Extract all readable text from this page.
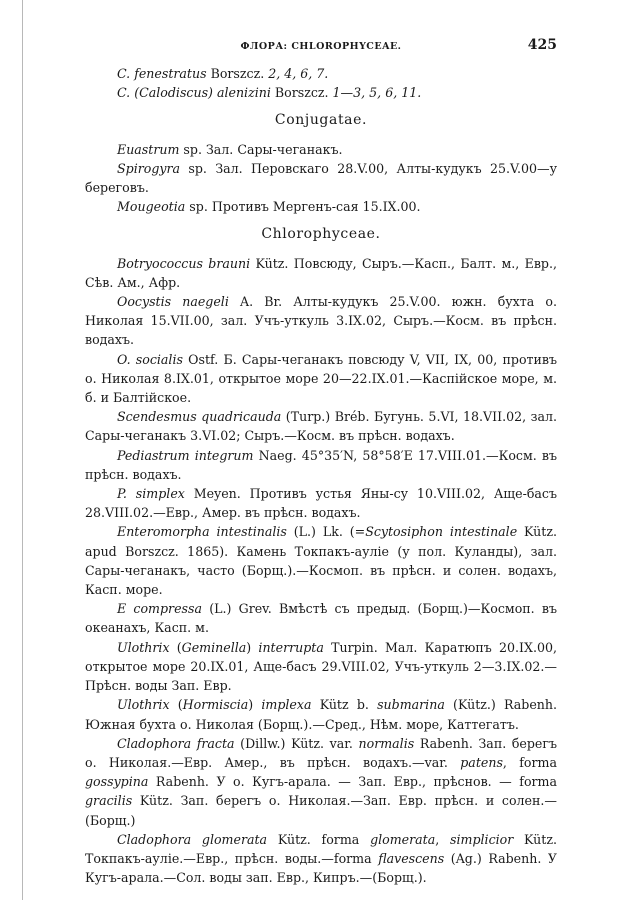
ФЛОРА: CHLOROPHYCEAE.	425
C. fenestratus Borszcz. 2, 4, 6, 7.
C. (Calodiscus) alenizini Borszcz. 1—3, 5, 6, 11.
Conjugatae.
Euastrum sp. Зал. Сары-чеганакъ.
Spirogyra sp. Зал. Перовскаго 28.V.00, Алты-кудукъ 25.V.00—у береговъ.
Mougeotia sp. Противъ Мергенъ-сая 15.IX.00.
Chlorophyceae.
Botryococcus brauni Kütz. Повсюду, Сыръ.—Касп., Балт. м., Евр., Сѣв. Ам., Афр.
Oocystis naegeli A. Br. Алты-кудукъ 25.V.00. южн. бухта о. Николая 15.VII.00, зал. Учъ-уткуль 3.IX.02, Сыръ.—Косм. въ прѣсн. водахъ.
O. socialis Ostf. Б. Сары-чеганакъ повсюду V, VII, IX, 00, противъ о. Николая 8.IX.01, открытое море 20—22.IX.01.—Каспійское море, м. б. и Балтійское.
Scendesmus quadricauda (Turp.) Bréb. Бугунь. 5.VI, 18.VII.02, зал. Сары-чеганакъ 3.VI.02; Сыръ.—Косм. въ прѣсн. водахъ.
Pediastrum integrum Naeg. 45°35′N, 58°58′E 17.VIII.01.—Косм. въ прѣсн. водахъ.
P. simplex Meyen. Противъ устья Яны-су 10.VIII.02, Аще-басъ 28.VIII.02.—Евр., Амер. въ прѣсн. водахъ.
Enteromorpha intestinalis (L.) Lk. (=Scytosiphon intestinale Kütz. apud Borszcz. 1865). Камень Токпакъ-ауліе (у пол. Куланды), зал. Сары-чеганакъ, часто (Борщ.).—Космоп. въ прѣсн. и солен. водахъ, Касп. море.
E compressa (L.) Grev. Вмѣстѣ съ предыд. (Борщ.)—Космоп. въ океанахъ, Касп. м.
Ulothrix (Geminella) interrupta Turpin. Мал. Каратюпъ 20.IX.00, открытое море 20.IX.01, Аще-басъ 29.VIII.02, Учъ-уткуль 2—3.IX.02.—Прѣсн. воды Зап. Евр.
Ulothrix (Hormiscia) implexa Kütz b. submarina (Kütz.) Rabenh. Южная бухта о. Николая (Борщ.).—Сред., Нѣм. море, Каттегатъ.
Cladophora fracta (Dillw.) Kütz. var. normalis Rabenh. Зап. берегъ о. Николая.—Евр. Амер., въ прѣсн. водахъ.—var. patens, forma gossypina Rabenh. У о. Кугъ-арала. — Зап. Евр., прѣснов. — forma gracilis Kütz. Зап. берегъ о. Николая.—Зап. Евр. прѣсн. и солен.—(Борщ.)
Cladophora glomerata Kütz. forma glomerata, simplicior Kütz. Токпакъ-ауліе.—Евр., прѣсн. воды.—forma flavescens (Ag.) Rabenh. У Кугъ-арала.—Сол. воды зап. Евр., Кипръ.—(Борщ.).
